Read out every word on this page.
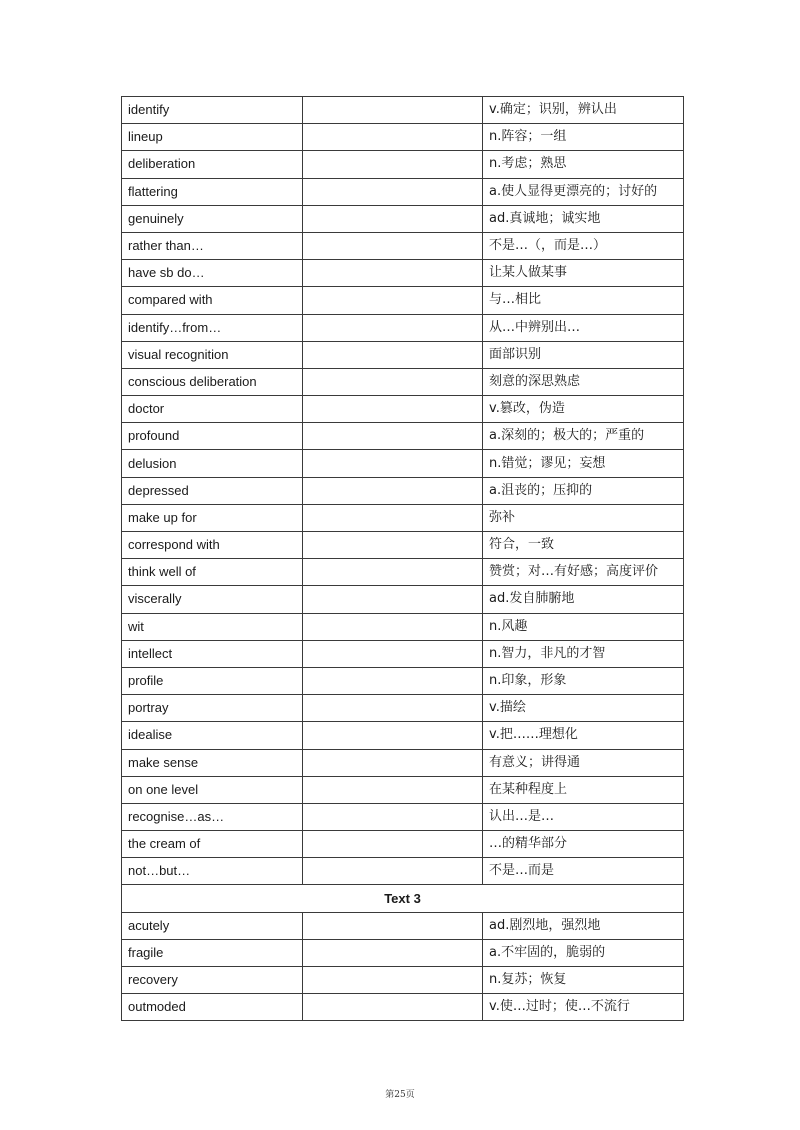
identify		v.确定；识别，辨认出
lineup		n.阵容；一组
deliberation		n.考虑；熟思
flattering		a.使人显得更漂亮的；讨好的
genuinely		ad.真诚地；诚实地
rather than…		不是…（，而是…）
have sb do…		让某人做某事
compared with		与…相比
identify…from…		从…中辨别出…
visual recognition		面部识别
conscious deliberation		刻意的深思熟虑
doctor		v.篡改，伪造
profound		a.深刻的；极大的；严重的
delusion		n.错觉；谬见；妄想
depressed		a.沮丧的；压抑的
make up for		弥补
correspond with		符合，一致
think well of		赞赏；对…有好感；高度评价
viscerally		ad.发自肺腑地
wit		n.风趣
intellect		n.智力，非凡的才智
profile		n.印象，形象
portray		v.描绘
idealise		v.把……理想化
make sense		有意义；讲得通
on one level		在某种程度上
recognise…as…		认出…是…
the cream of		…的精华部分
not…but…		不是…而是
Text 3		
acutely		ad.剧烈地，强烈地
fragile		a.不牢固的，脆弱的
recovery		n.复苏；恢复
outmoded		v.使…过时；使…不流行
第25页
